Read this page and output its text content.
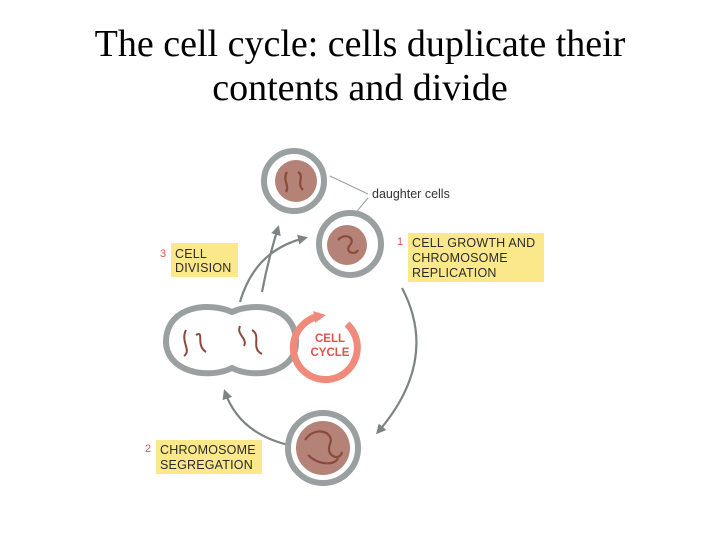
The cell cycle: cells duplicate their
contents and divide
daughter cells
CELL
CYCLE
1 CELL GROWTH AND
CHROMOSOME
REPLICATION
2 CHROMOSOME
SEGREGATION
3 CELL
DIVISION
